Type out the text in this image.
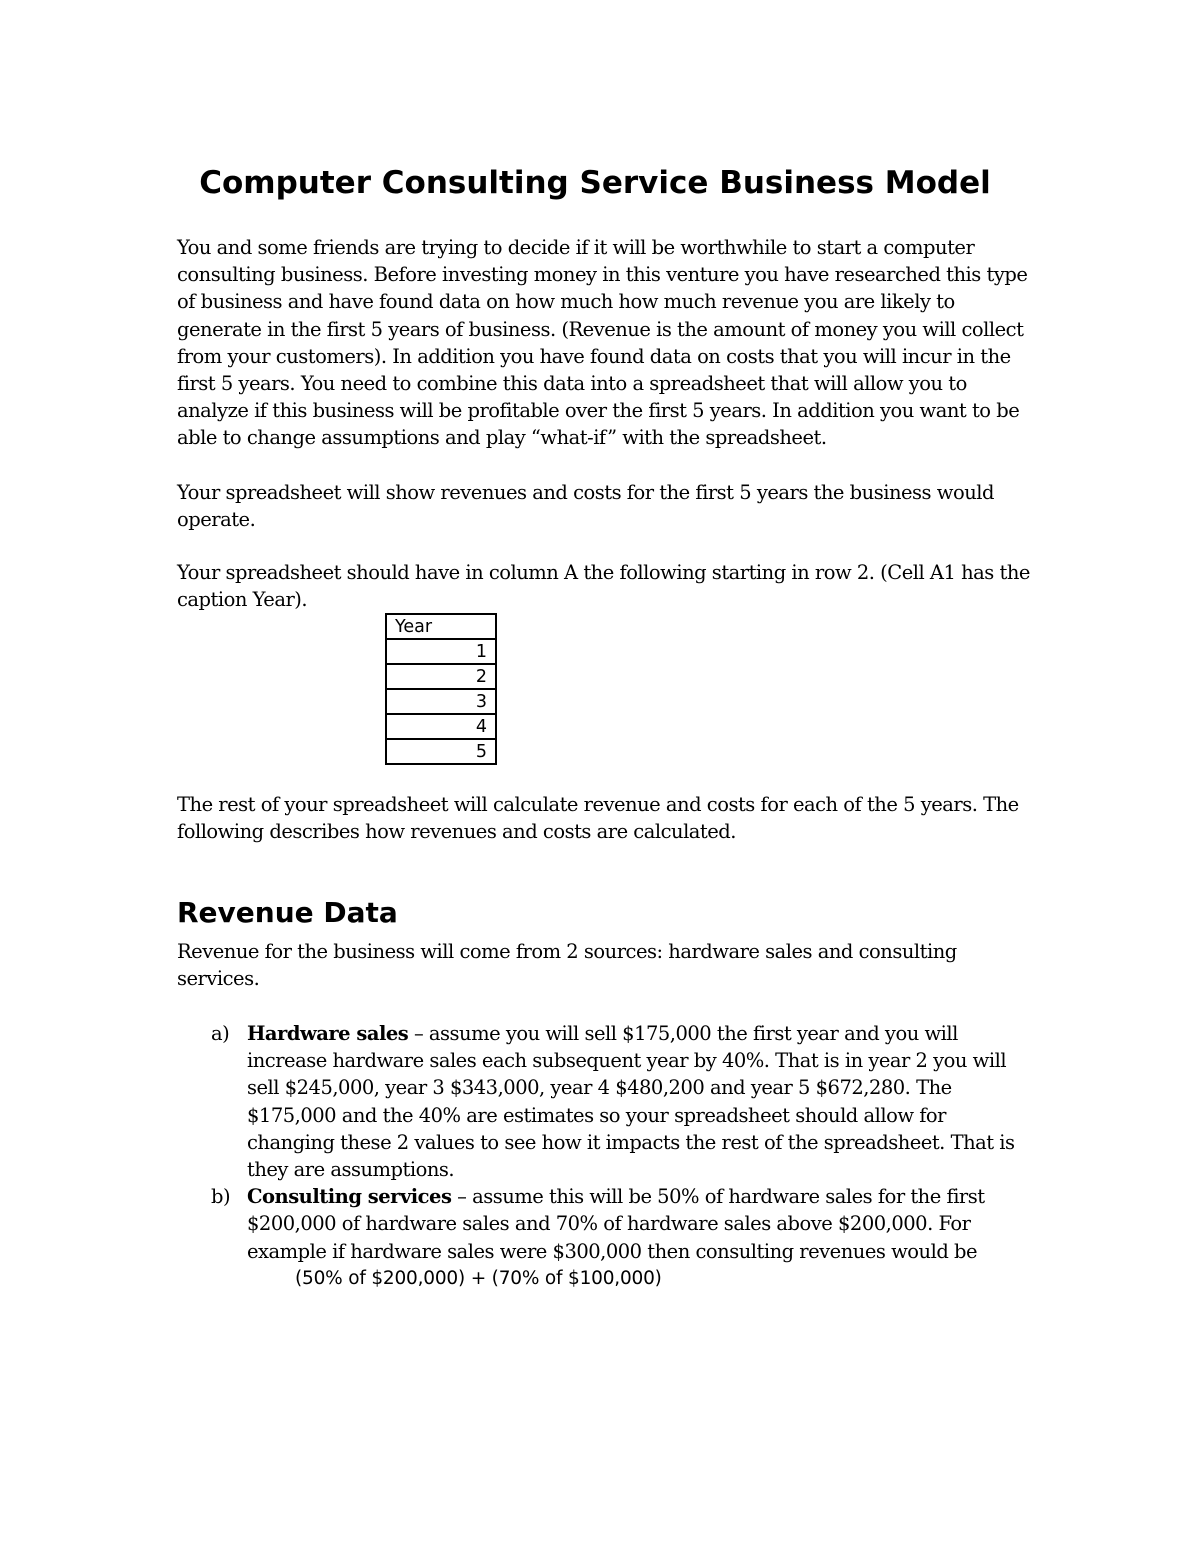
Computer Consulting Service Business Model

You and some friends are trying to decide if it will be worthwhile to start a computer consulting business. Before investing money in this venture you have researched this type of business and have found data on how much how much revenue you are likely to generate in the first 5 years of business. (Revenue is the amount of money you will collect from your customers). In addition you have found data on costs that you will incur in the first 5 years. You need to combine this data into a spreadsheet that will allow you to analyze if this business will be profitable over the first 5 years. In addition you want to be able to change assumptions and play “what-if” with the spreadsheet.

Your spreadsheet will show revenues and costs for the first 5 years the business would operate.

Your spreadsheet should have in column A the following starting in row 2. (Cell A1 has the caption Year).

Year
1
2
3
4
5

The rest of your spreadsheet will calculate revenue and costs for each of the 5 years. The following describes how revenues and costs are calculated.

Revenue Data

Revenue for the business will come from 2 sources: hardware sales and consulting services.

a) Hardware sales – assume you will sell $175,000 the first year and you will increase hardware sales each subsequent year by 40%. That is in year 2 you will sell $245,000, year 3 $343,000, year 4 $480,200 and year 5 $672,280. The $175,000 and the 40% are estimates so your spreadsheet should allow for changing these 2 values to see how it impacts the rest of the spreadsheet. That is they are assumptions.
b) Consulting services – assume this will be 50% of hardware sales for the first $200,000 of hardware sales and 70% of hardware sales above $200,000. For example if hardware sales were $300,000 then consulting revenues would be
(50% of $200,000) + (70% of $100,000)
